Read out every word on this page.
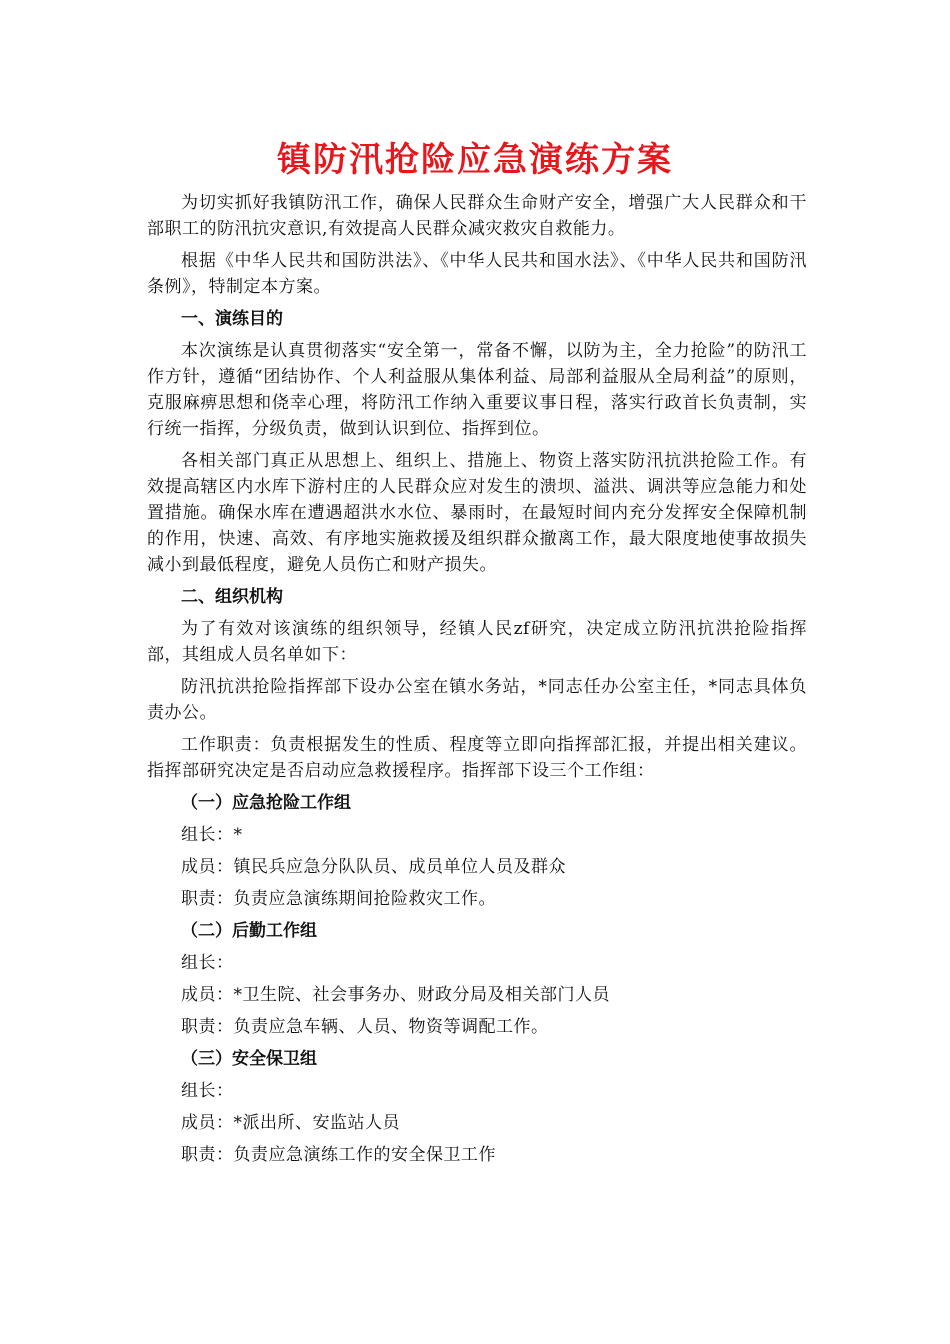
镇防汛抢险应急演练方案

为切实抓好我镇防汛工作，确保人民群众生命财产安全，增强广大人民群众和干部职工的防汛抗灾意识,有效提高人民群众减灾救灾自救能力。

根据《中华人民共和国防洪法》、《中华人民共和国水法》、《中华人民共和国防汛条例》，特制定本方案。

一、演练目的

本次演练是认真贯彻落实“安全第一，常备不懈，以防为主，全力抢险”的防汛工作方针，遵循“团结协作、个人利益服从集体利益、局部利益服从全局利益”的原则，克服麻痹思想和侥幸心理，将防汛工作纳入重要议事日程，落实行政首长负责制，实行统一指挥，分级负责，做到认识到位、指挥到位。

各相关部门真正从思想上、组织上、措施上、物资上落实防汛抗洪抢险工作。有效提高辖区内水库下游村庄的人民群众应对发生的溃坝、溢洪、调洪等应急能力和处置措施。确保水库在遭遇超洪水水位、暴雨时，在最短时间内充分发挥安全保障机制的作用，快速、高效、有序地实施救援及组织群众撤离工作，最大限度地使事故损失减小到最低程度，避免人员伤亡和财产损失。

二、组织机构

为了有效对该演练的组织领导，经镇人民zf研究，决定成立防汛抗洪抢险指挥部，其组成人员名单如下：

防汛抗洪抢险指挥部下设办公室在镇水务站，*同志任办公室主任，*同志具体负责办公。

工作职责：负责根据发生的性质、程度等立即向指挥部汇报，并提出相关建议。指挥部研究决定是否启动应急救援程序。指挥部下设三个工作组：

（一）应急抢险工作组
组长：*
成员：镇民兵应急分队队员、成员单位人员及群众
职责：负责应急演练期间抢险救灾工作。
（二）后勤工作组
组长：
成员：*卫生院、社会事务办、财政分局及相关部门人员
职责：负责应急车辆、人员、物资等调配工作。
（三）安全保卫组
组长：
成员：*派出所、安监站人员
职责：负责应急演练工作的安全保卫工作
